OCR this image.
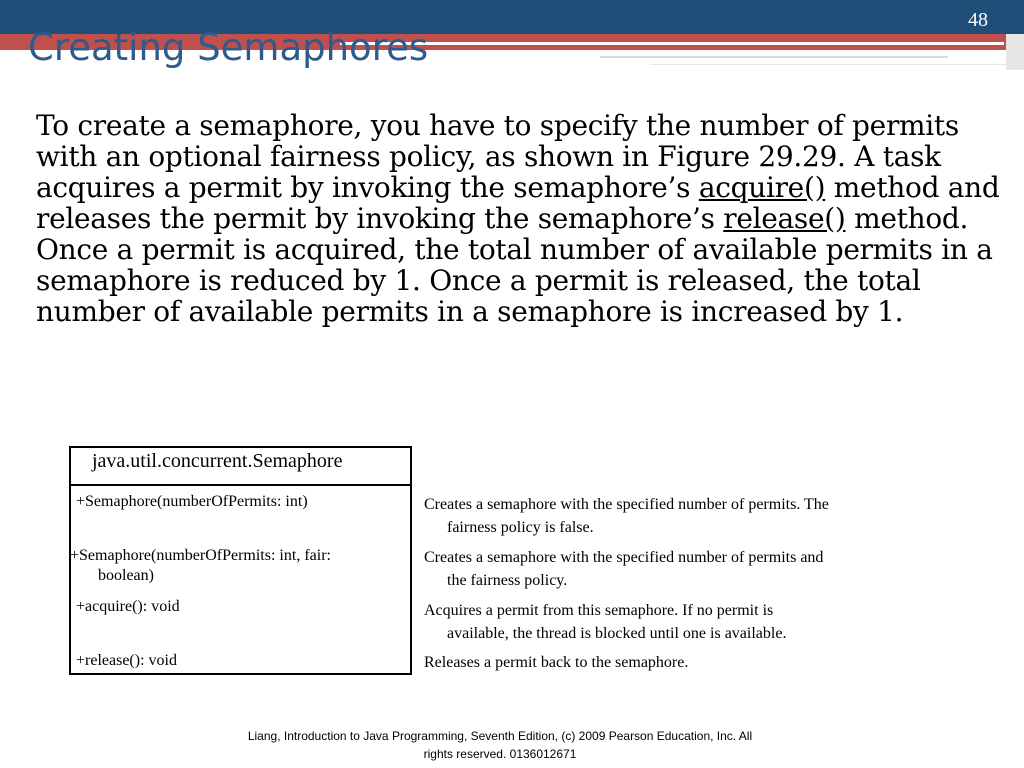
48
Creating Semaphores

To create a semaphore, you have to specify the number of permits with an optional fairness policy, as shown in Figure 29.29. A task acquires a permit by invoking the semaphore’s acquire() method and releases the permit by invoking the semaphore’s release() method. Once a permit is acquired, the total number of available permits in a semaphore is reduced by 1. Once a permit is released, the total number of available permits in a semaphore is increased by 1.

java.util.concurrent.Semaphore
+Semaphore(numberOfPermits: int)
+Semaphore(numberOfPermits: int, fair:
boolean)
+acquire(): void
+release(): void
Creates a semaphore with the specified number of permits. The
fairness policy is false.
Creates a semaphore with the specified number of permits and
the fairness policy.
Acquires a permit from this semaphore. If no permit is
available, the thread is blocked until one is available.
Releases a permit back to the semaphore.
Liang, Introduction to Java Programming, Seventh Edition, (c) 2009 Pearson Education, Inc. All
rights reserved. 0136012671
